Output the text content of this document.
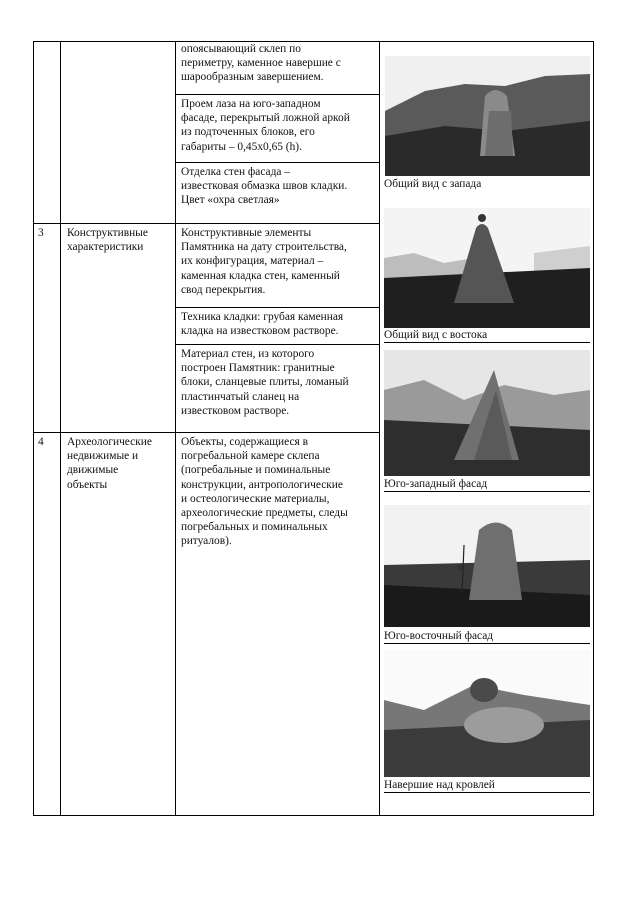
опоясывающий склеп по
периметру, каменное навершие с
шарообразным завершением.
Проем лаза на юго-западном
фасаде, перекрытый ложной аркой
из подточенных блоков, его
габариты – 0,45х0,65 (h).
Отделка стен фасада –
известковая обмазка швов кладки.
Цвет «охра светлая»
3 Конструктивные
характеристики
Конструктивные элементы
Памятника на дату строительства,
их конфигурация, материал –
каменная кладка стен, каменный
свод перекрытия.
Техника кладки: грубая каменная
кладка на известковом растворе.
Материал стен, из которого
построен Памятник: гранитные
блоки, сланцевые плиты, ломаный
пластинчатый сланец на
известковом растворе.
4 Археологические
недвижимые и
движимые
объекты
Объекты, содержащиеся в
погребальной камере склепа
(погребальные и поминальные
конструкции, антропологические
и остеологические материалы,
археологические предметы, следы
погребальных и поминальных
ритуалов).
Общий вид с запада
Общий вид с востока
Юго-западный фасад
Юго-восточный фасад
Навершие над кровлей
